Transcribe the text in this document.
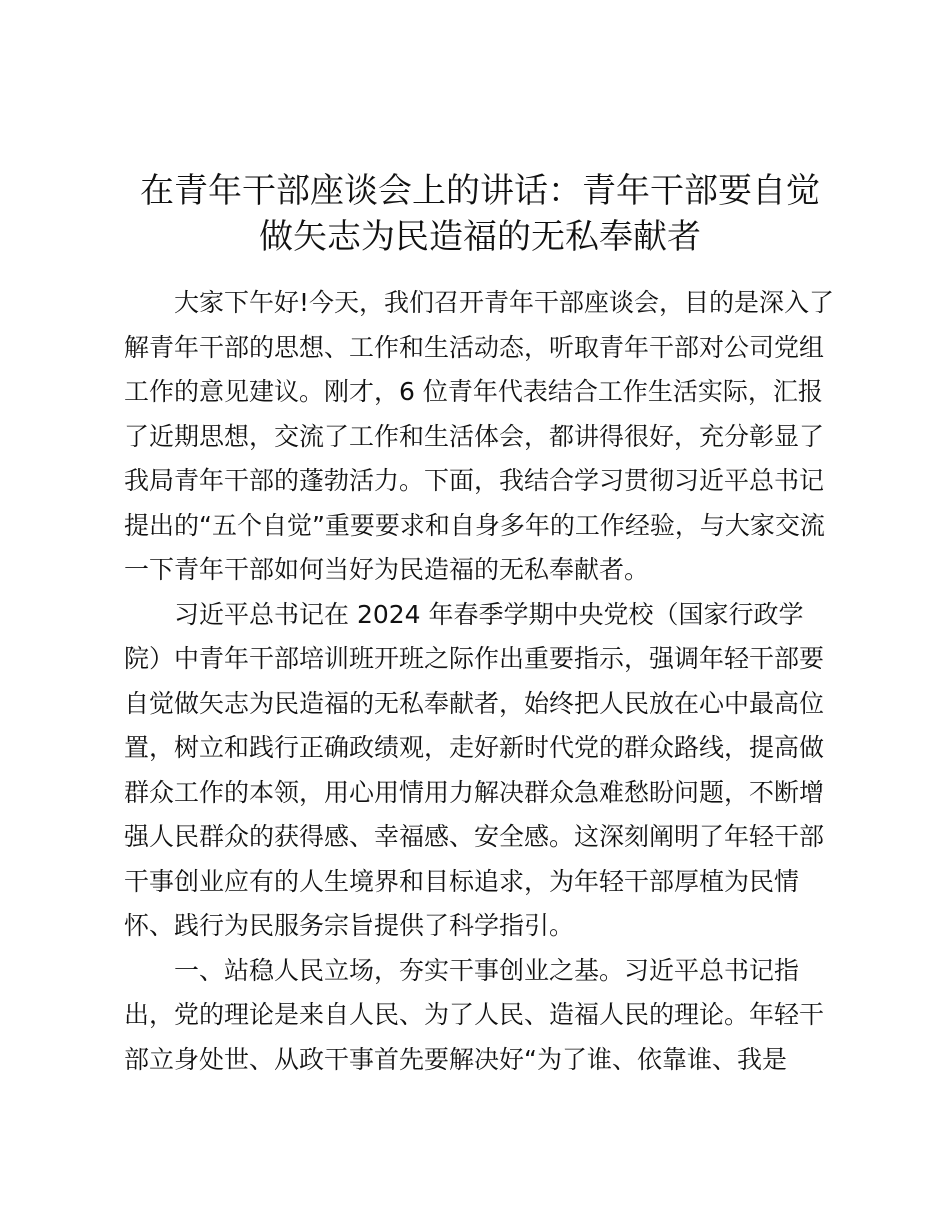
在青年干部座谈会上的讲话：青年干部要自觉
做矢志为民造福的无私奉献者
大家下午好!今天，我们召开青年干部座谈会，目的是深入了
解青年干部的思想、工作和生活动态，听取青年干部对公司党组
工作的意见建议。刚才，6 位青年代表结合工作生活实际，汇报
了近期思想，交流了工作和生活体会，都讲得很好，充分彰显了
我局青年干部的蓬勃活力。下面，我结合学习贯彻习近平总书记
提出的“五个自觉”重要要求和自身多年的工作经验，与大家交流
一下青年干部如何当好为民造福的无私奉献者。
习近平总书记在 2024 年春季学期中央党校（国家行政学
院）中青年干部培训班开班之际作出重要指示，强调年轻干部要
自觉做矢志为民造福的无私奉献者，始终把人民放在心中最高位
置，树立和践行正确政绩观，走好新时代党的群众路线，提高做
群众工作的本领，用心用情用力解决群众急难愁盼问题，不断增
强人民群众的获得感、幸福感、安全感。这深刻阐明了年轻干部
干事创业应有的人生境界和目标追求，为年轻干部厚植为民情
怀、践行为民服务宗旨提供了科学指引。
一、站稳人民立场，夯实干事创业之基。习近平总书记指
出，党的理论是来自人民、为了人民、造福人民的理论。年轻干
部立身处世、从政干事首先要解决好“为了谁、依靠谁、我是
